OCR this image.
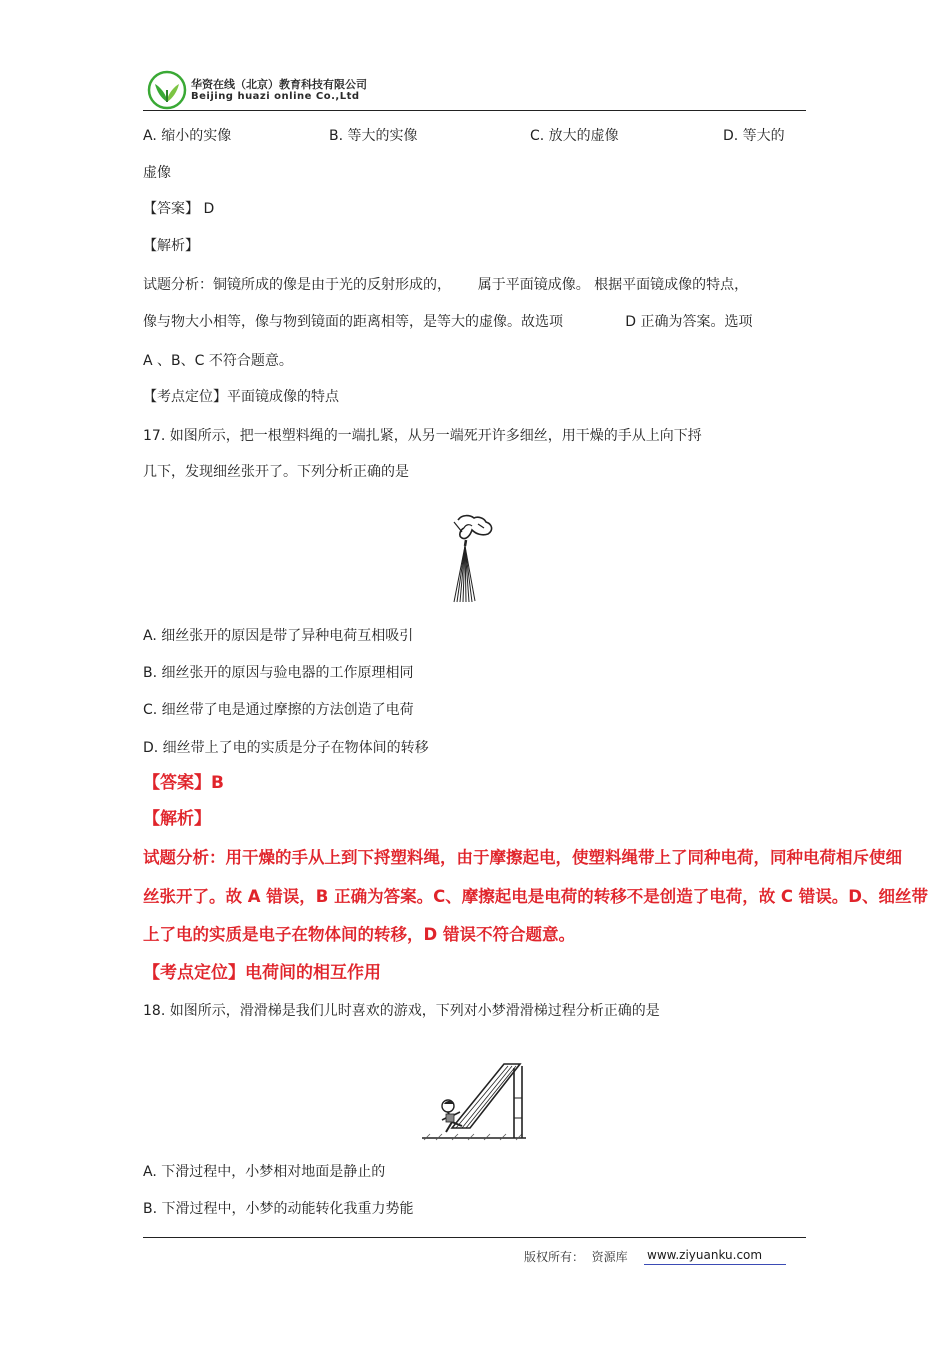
华资在线（北京）教育科技有限公司
Beijing huazi online Co.,Ltd
A. 缩小的实像	B. 等大的实像	C. 放大的虚像	D. 等大的
虚像
【答案】 D
【解析】
试题分析：铜镜所成的像是由于光的反射形成的，      属于平面镜成像。 根据平面镜成像的特点，
像与物大小相等，像与物到镜面的距离相等，是等大的虚像。故选项              D 正确为答案。选项
A 、B、C 不符合题意。
【考点定位】平面镜成像的特点
17. 如图所示，把一根塑料绳的一端扎紧，从另一端死开许多细丝，用干燥的手从上向下捋
几下，发现细丝张开了。下列分析正确的是
A. 细丝张开的原因是带了异种电荷互相吸引
B. 细丝张开的原因与验电器的工作原理相同
C. 细丝带了电是通过摩擦的方法创造了电荷
D. 细丝带上了电的实质是分子在物体间的转移
【答案】B
【解析】
试题分析：用干燥的手从上到下捋塑料绳，由于摩擦起电，使塑料绳带上了同种电荷，同种电荷相斥使细
丝张开了。故 A 错误，B 正确为答案。C、摩擦起电是电荷的转移不是创造了电荷，故 C 错误。D、细丝带
上了电的实质是电子在物体间的转移，D 错误不符合题意。
【考点定位】电荷间的相互作用
18. 如图所示，滑滑梯是我们儿时喜欢的游戏，下列对小梦滑滑梯过程分析正确的是
A. 下滑过程中，小梦相对地面是静止的
B. 下滑过程中，小梦的动能转化我重力势能
版权所有：  资源库 www.ziyuanku.com
